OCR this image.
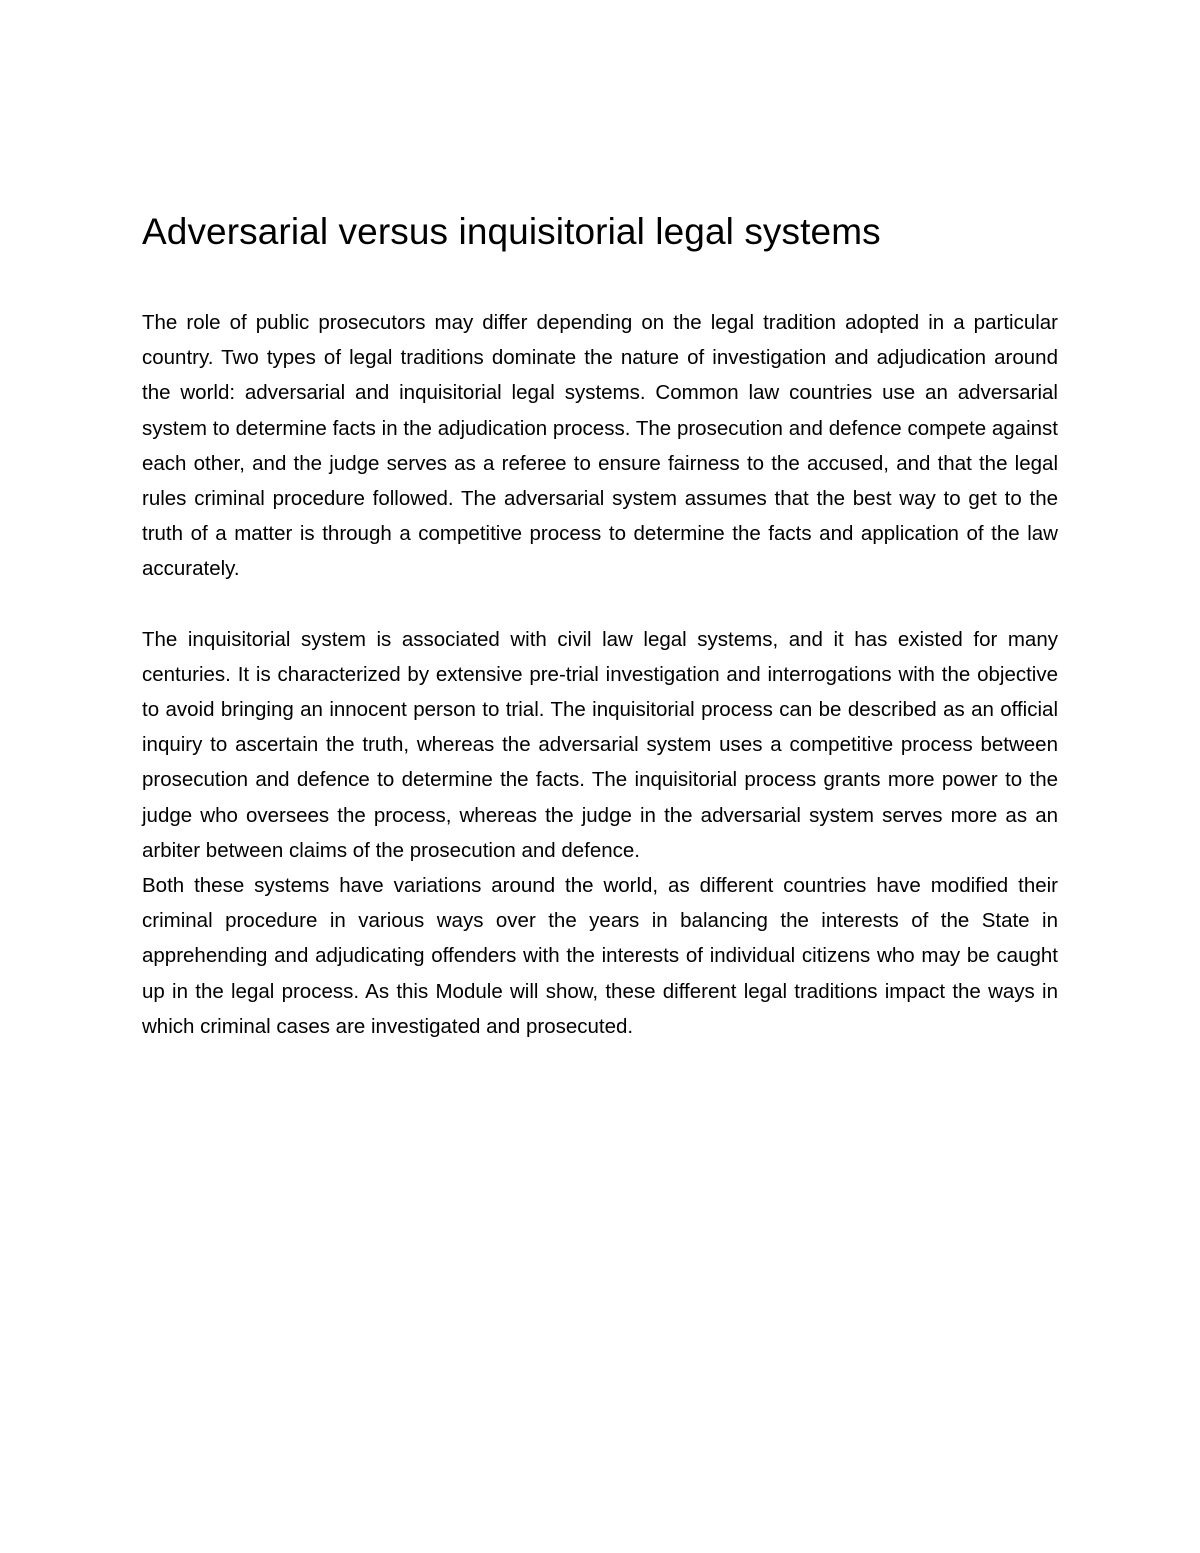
Adversarial versus inquisitorial legal systems

The role of public prosecutors may differ depending on the legal tradition adopted in a particular country. Two types of legal traditions dominate the nature of investigation and adjudication around the world: adversarial and inquisitorial legal systems. Common law countries use an adversarial system to determine facts in the adjudication process. The prosecution and defence compete against each other, and the judge serves as a referee to ensure fairness to the accused, and that the legal rules criminal procedure followed. The adversarial system assumes that the best way to get to the truth of a matter is through a competitive process to determine the facts and application of the law accurately.

The inquisitorial system is associated with civil law legal systems, and it has existed for many centuries. It is characterized by extensive pre-trial investigation and interrogations with the objective to avoid bringing an innocent person to trial. The inquisitorial process can be described as an official inquiry to ascertain the truth, whereas the adversarial system uses a competitive process between prosecution and defence to determine the facts. The inquisitorial process grants more power to the judge who oversees the process, whereas the judge in the adversarial system serves more as an arbiter between claims of the prosecution and defence.

Both these systems have variations around the world, as different countries have modified their criminal procedure in various ways over the years in balancing the interests of the State in apprehending and adjudicating offenders with the interests of individual citizens who may be caught up in the legal process. As this Module will show, these different legal traditions impact the ways in which criminal cases are investigated and prosecuted.
